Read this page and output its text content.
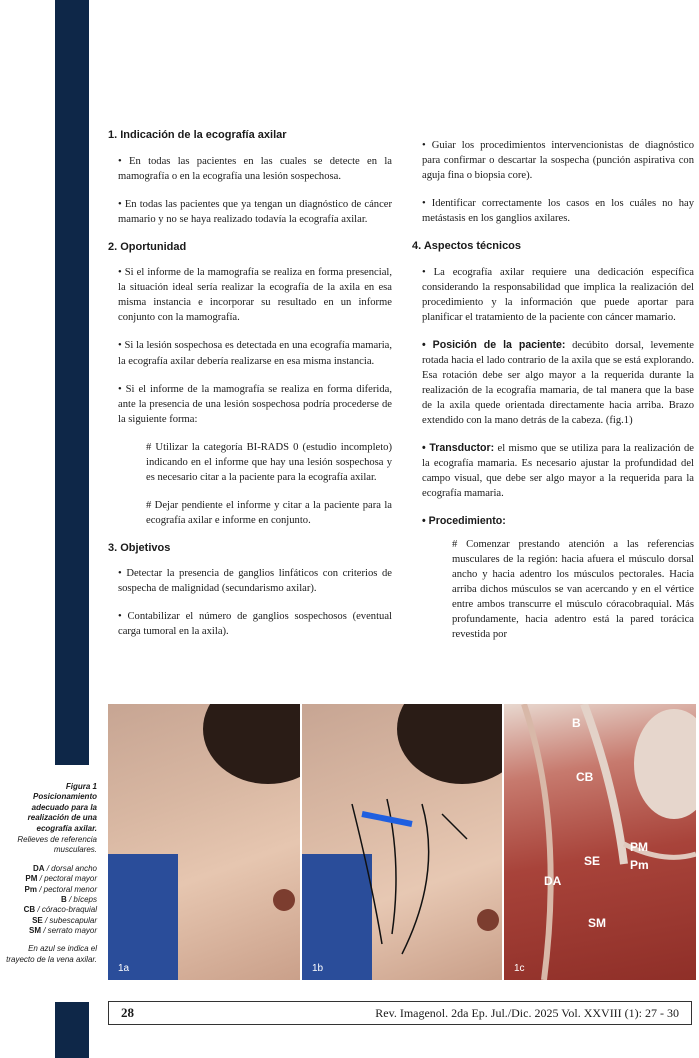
1. Indicación de la ecografía axilar
• En todas las pacientes en las cuales se detecte en la mamografía o en la ecografía una lesión sospechosa.
• En todas las pacientes que ya tengan un diagnóstico de cáncer mamario y no se haya realizado todavía la ecografía axilar.
2. Oportunidad
• Si el informe de la mamografía se realiza en forma presencial, la situación ideal sería realizar la ecografía de la axila en esa misma instancia e incorporar su resultado en un informe conjunto con la mamografía.
• Si la lesión sospechosa es detectada en una ecografía mamaria, la ecografía axilar debería realizarse en esa misma instancia.
• Si el informe de la mamografía se realiza en forma diferida, ante la presencia de una lesión sospechosa podría procederse de la siguiente forma:
# Utilizar la categoría BI-RADS 0 (estudio incompleto) indicando en el informe que hay una lesión sospechosa y es necesario citar a la paciente para la ecografía axilar.
# Dejar pendiente el informe y citar a la paciente para la ecografía axilar e informe en conjunto.
3. Objetivos
• Detectar la presencia de ganglios linfáticos con criterios de sospecha de malignidad (secundarismo axilar).
• Contabilizar el número de ganglios sospechosos (eventual carga tumoral en la axila).
• Guiar los procedimientos intervencionistas de diagnóstico para confirmar o descartar la sospecha (punción aspirativa con aguja fina o biopsia core).
• Identificar correctamente los casos en los cuáles no hay metástasis en los ganglios axilares.
4. Aspectos técnicos
• La ecografía axilar requiere una dedicación específica considerando la responsabilidad que implica la realización del procedimiento y la información que puede aportar para planificar el tratamiento de la paciente con cáncer mamario.
• Posición de la paciente: decúbito dorsal, levemente rotada hacia el lado contrario de la axila que se está explorando. Esa rotación debe ser algo mayor a la requerida durante la realización de la ecografía mamaria, de tal manera que la base de la axila quede orientada directamente hacia arriba. Brazo extendido con la mano detrás de la cabeza. (fig.1)
• Transductor: el mismo que se utiliza para la realización de la ecografía mamaria. Es necesario ajustar la profundidad del campo visual, que debe ser algo mayor a la requerida para la ecografía mamaria.
• Procedimiento:
# Comenzar prestando atención a las referencias musculares de la región: hacia afuera el músculo dorsal ancho y hacia adentro los músculos pectorales. Hacia arriba dichos músculos se van acercando y en el vértice entre ambos transcurre el músculo córacobraquial. Más profundamente, hacia adentro está la pared torácica revestida por
1a	1b
B
CB
PM
Pm
SE
DA
SM
1c
Figura 1 Posicionamiento adecuado para la realización de una ecografía axilar.
Relieves de referencia musculares.
DA / dorsal ancho
PM / pectoral mayor
Pm / pectoral menor
B / bíceps
CB / córaco-braquial
SE / subescapular
SM / serrato mayor
En azul se indica el trayecto de la vena axilar.
28	Rev. Imagenol. 2da Ep. Jul./Dic. 2025 Vol. XXVIII (1): 27 - 30
